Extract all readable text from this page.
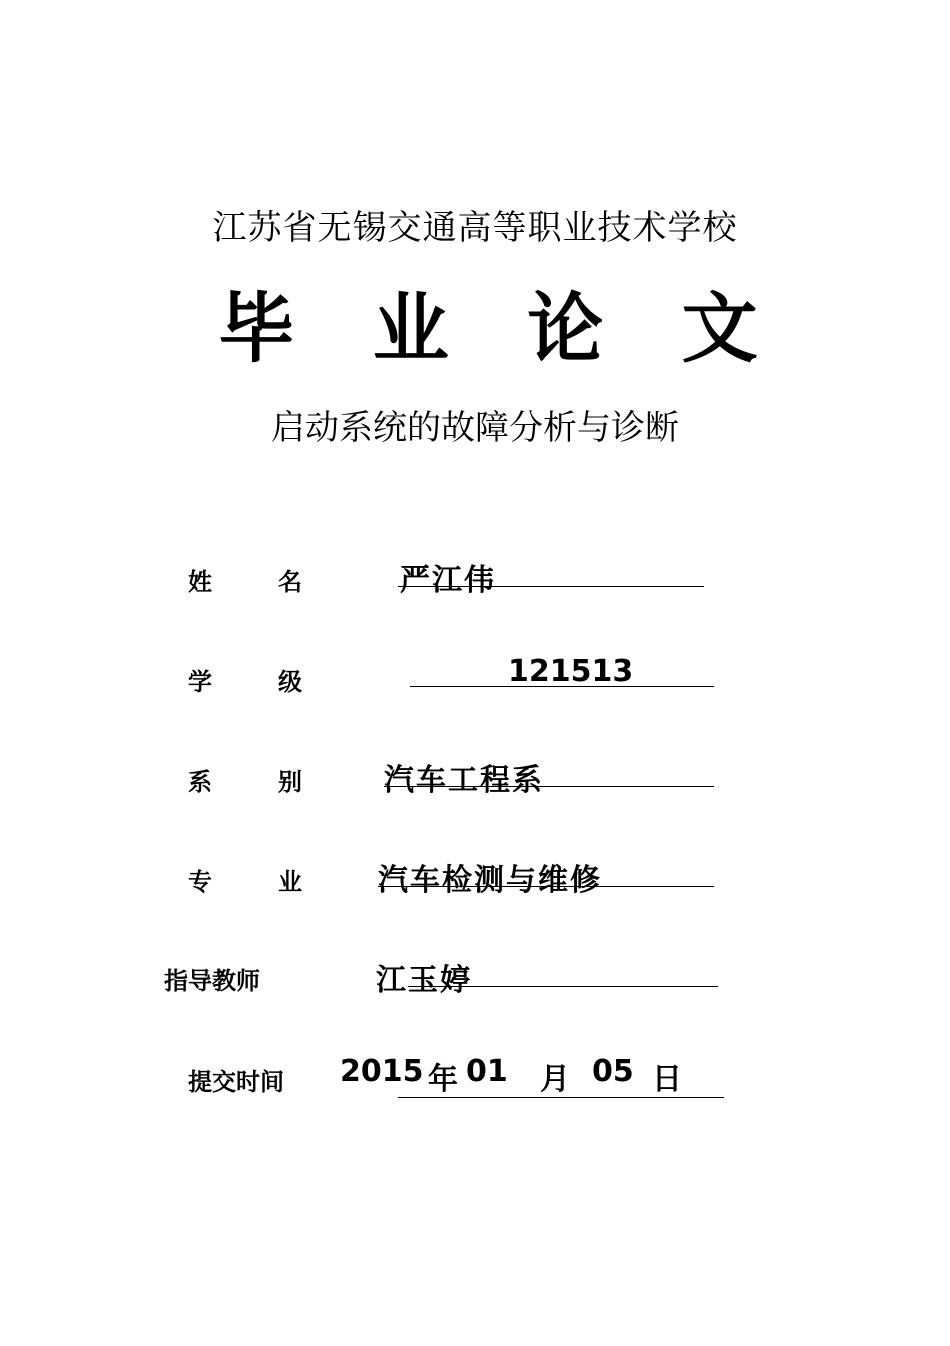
江苏省无锡交通高等职业技术学校
毕 业 论 文
启动系统的故障分析与诊断
姓	名	严江伟
学	级	121513
系	别	汽车工程系
专	业	汽车检测与维修
指导教师	江玉婷
提交时间 2015 年 01 月 05 日
